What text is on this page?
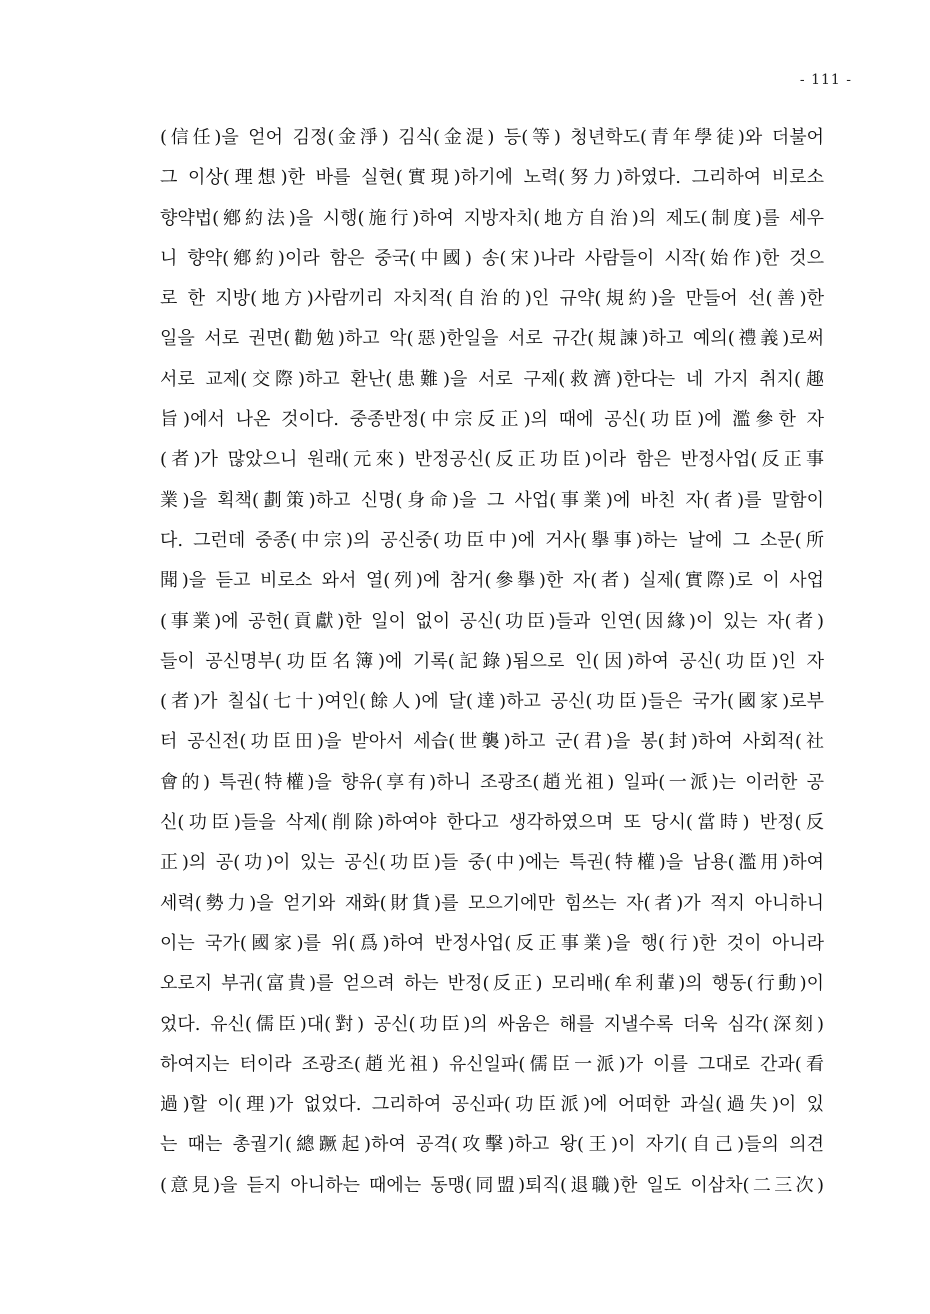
- 111 -
(信任)을 얻어 김정(金淨) 김식(金湜) 등(等) 청년학도(青年學徒)와 더불어
그 이상(理想)한 바를 실현(實現)하기에 노력(努力)하였다. 그리하여 비로소
향약법(鄕約法)을 시행(施行)하여 지방자치(地方自治)의 제도(制度)를 세우
니 향약(鄕約)이라 함은 중국(中國) 송(宋)나라 사람들이 시작(始作)한 것으
로 한 지방(地方)사람끼리 자치적(自治的)인 규약(規約)을 만들어 선(善)한
일을 서로 권면(勸勉)하고 악(惡)한일을 서로 규간(規諫)하고 예의(禮義)로써
서로 교제(交際)하고 환난(患難)을 서로 구제(救濟)한다는 네 가지 취지(趣
旨)에서 나온 것이다. 중종반정(中宗反正)의 때에 공신(功臣)에 濫參한 자
(者)가 많았으니 원래(元來) 반정공신(反正功臣)이라 함은 반정사업(反正事
業)을 획책(劃策)하고 신명(身命)을 그 사업(事業)에 바친 자(者)를 말함이
다. 그런데 중종(中宗)의 공신중(功臣中)에 거사(擧事)하는 날에 그 소문(所
聞)을 듣고 비로소 와서 열(列)에 참거(參擧)한 자(者) 실제(實際)로 이 사업
(事業)에 공헌(貢獻)한 일이 없이 공신(功臣)들과 인연(因緣)이 있는 자(者)
들이 공신명부(功臣名簿)에 기록(記錄)됨으로 인(因)하여 공신(功臣)인 자
(者)가 칠십(七十)여인(餘人)에 달(達)하고 공신(功臣)들은 국가(國家)로부
터 공신전(功臣田)을 받아서 세습(世襲)하고 군(君)을 봉(封)하여 사회적(社
會的) 특권(特權)을 향유(享有)하니 조광조(趙光祖) 일파(一派)는 이러한 공
신(功臣)들을 삭제(削除)하여야 한다고 생각하였으며 또 당시(當時) 반정(反
正)의 공(功)이 있는 공신(功臣)들 중(中)에는 특권(特權)을 남용(濫用)하여
세력(勢力)을 얻기와 재화(財貨)를 모으기에만 힘쓰는 자(者)가 적지 아니하니
이는 국가(國家)를 위(爲)하여 반정사업(反正事業)을 행(行)한 것이 아니라
오로지 부귀(富貴)를 얻으려 하는 반정(反正) 모리배(牟利輩)의 행동(行動)이
었다. 유신(儒臣)대(對) 공신(功臣)의 싸움은 해를 지낼수록 더욱 심각(深刻)
하여지는 터이라 조광조(趙光祖) 유신일파(儒臣一派)가 이를 그대로 간과(看
過)할 이(理)가 없었다. 그리하여 공신파(功臣派)에 어떠한 과실(過失)이 있
는 때는 총궐기(總蹶起)하여 공격(攻擊)하고 왕(王)이 자기(自己)들의 의견
(意見)을 듣지 아니하는 때에는 동맹(同盟)퇴직(退職)한 일도 이삼차(二三次)
